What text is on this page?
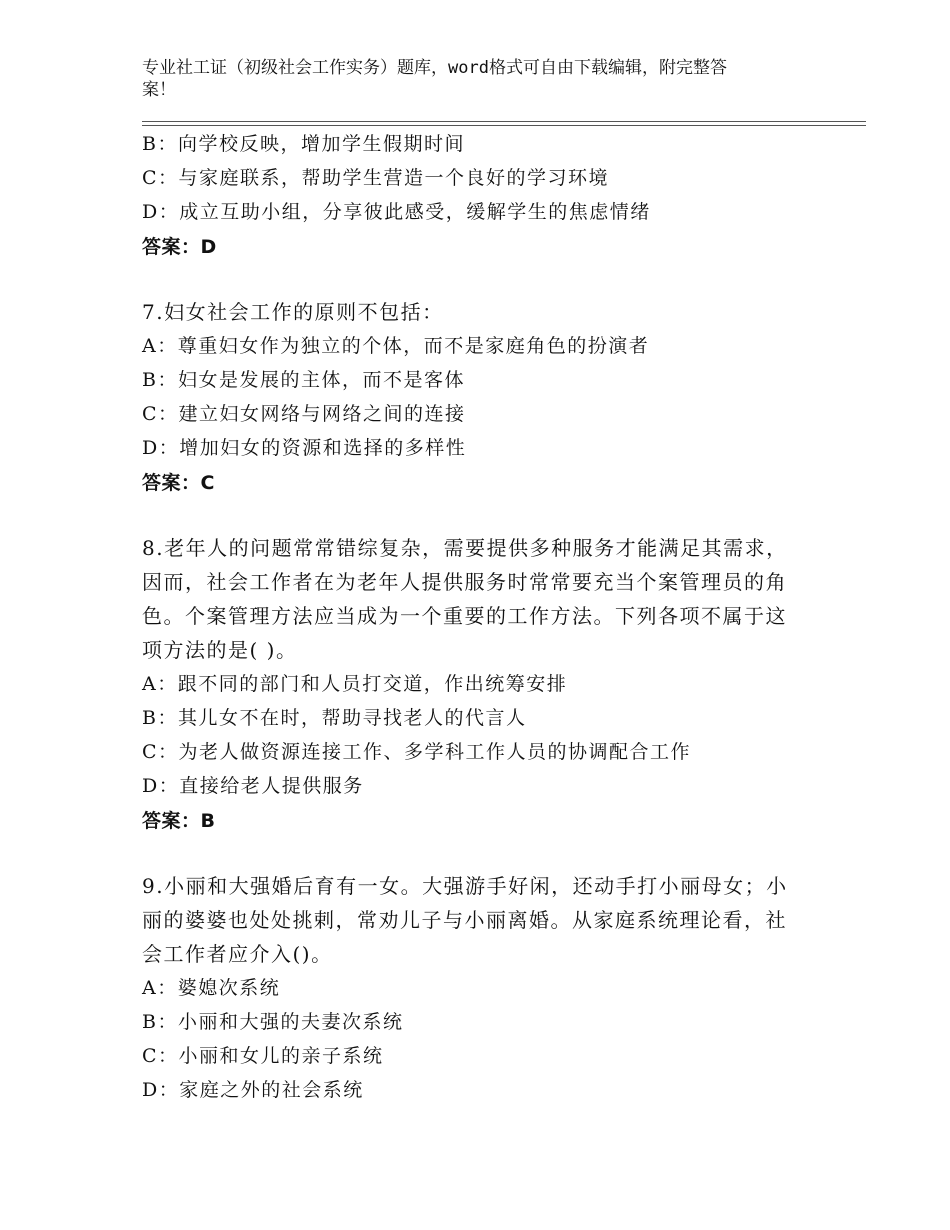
专业社工证（初级社会工作实务）题库，word格式可自由下载编辑，附完整答
案！
B：向学校反映，增加学生假期时间
C：与家庭联系，帮助学生营造一个良好的学习环境
D：成立互助小组，分享彼此感受，缓解学生的焦虑情绪
答案：D
7.妇女社会工作的原则不包括：
A：尊重妇女作为独立的个体，而不是家庭角色的扮演者
B：妇女是发展的主体，而不是客体
C：建立妇女网络与网络之间的连接
D：增加妇女的资源和选择的多样性
答案：C
8.老年人的问题常常错综复杂，需要提供多种服务才能满足其需求，
因而，社会工作者在为老年人提供服务时常常要充当个案管理员的角
色。个案管理方法应当成为一个重要的工作方法。下列各项不属于这
项方法的是( )。
A：跟不同的部门和人员打交道，作出统筹安排
B：其儿女不在时，帮助寻找老人的代言人
C：为老人做资源连接工作、多学科工作人员的协调配合工作
D：直接给老人提供服务
答案：B
9.小丽和大强婚后育有一女。大强游手好闲，还动手打小丽母女；小
丽的婆婆也处处挑剌，常劝儿子与小丽离婚。从家庭系统理论看，社
会工作者应介入()。
A：婆媳次系统
B：小丽和大强的夫妻次系统
C：小丽和女儿的亲子系统
D：家庭之外的社会系统
